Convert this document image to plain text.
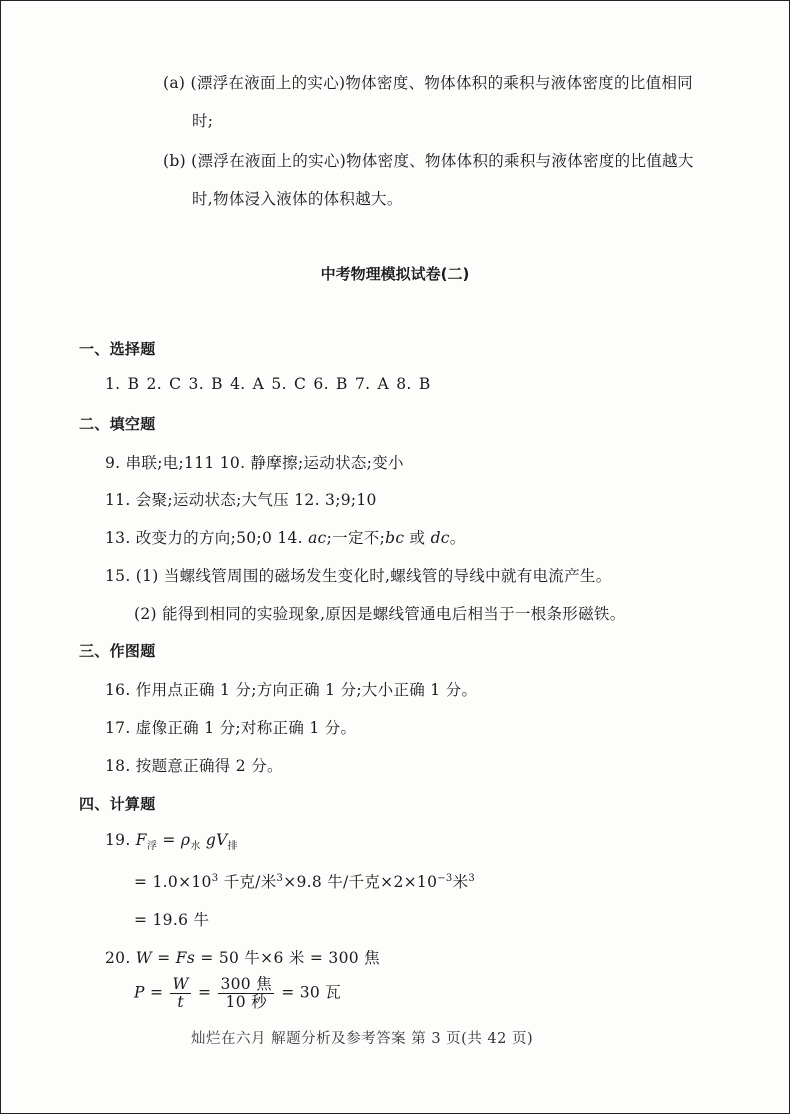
(a) (漂浮在液面上的实心)物体密度、物体体积的乘积与液体密度的比值相同
时;
(b) (漂浮在液面上的实心)物体密度、物体体积的乘积与液体密度的比值越大
时,物体浸入液体的体积越大。
中考物理模拟试卷(二)
一、选择题
1. B 2. C 3. B 4. A 5. C 6. B 7. A 8. B
二、填空题
9. 串联;电;111 10. 静摩擦;运动状态;变小
11. 会聚;运动状态;大气压 12. 3;9;10
13. 改变力的方向;50;0 14. ac;一定不;bc 或 dc。
15. (1) 当螺线管周围的磁场发生变化时,螺线管的导线中就有电流产生。
(2) 能得到相同的实验现象,原因是螺线管通电后相当于一根条形磁铁。
三、作图题
16. 作用点正确 1 分;方向正确 1 分;大小正确 1 分。
17. 虚像正确 1 分;对称正确 1 分。
18. 按题意正确得 2 分。
四、计算题
19. $F_浮 = \rho_水$ $gV_排$
= $1.0\times 10^3$ 千克/米$^3$×9.8 牛/千克$\times 2\times 10^{-3}$米$^3$
= 19.6 牛
20. W = Fs = 50 牛×6 米 = 300 焦
$P = \frac{W}{t} = \frac{\text{300 焦}}{\text{10 秒}} = 30$ 瓦
灿烂在六月 解题分析及参考答案 第 3 页(共 42 页)
